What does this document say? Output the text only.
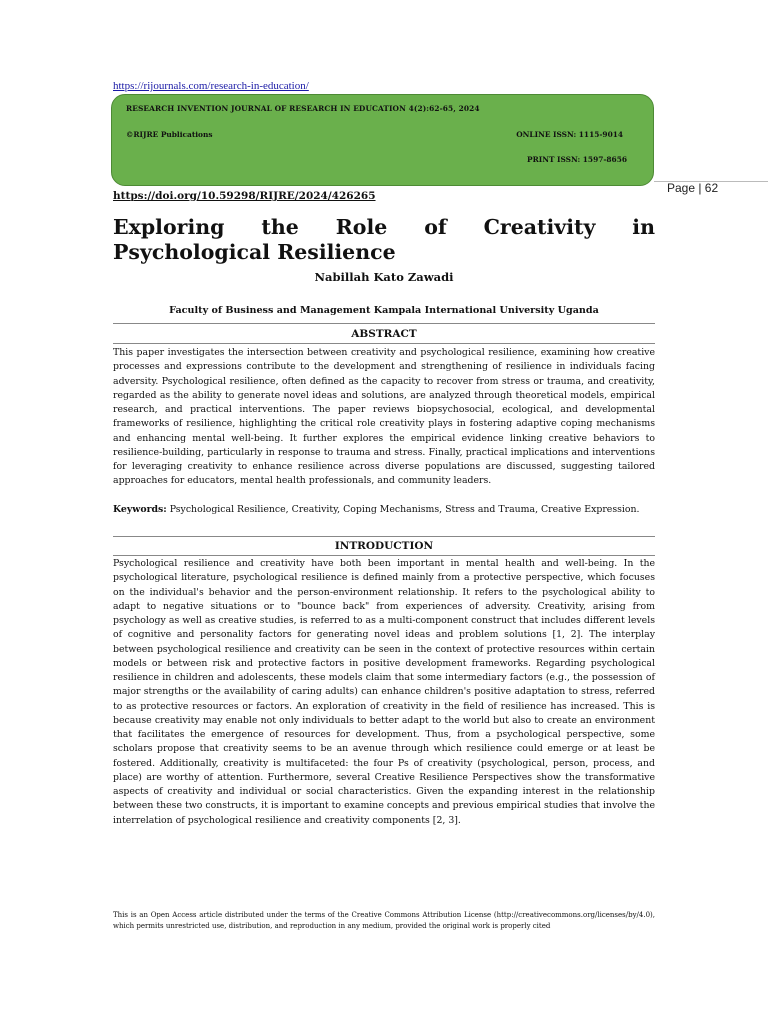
https://rijournals.com/research-in-education/
RESEARCH INVENTION JOURNAL OF RESEARCH IN EDUCATION 4(2):62-65, 2024
©RIJRE Publications	ONLINE ISSN: 1115-9014
PRINT ISSN: 1597-8656
https://doi.org/10.59298/RIJRE/2024/426265
Page | 62
Exploring the Role of Creativity in Psychological Resilience
Nabillah Kato Zawadi
Faculty of Business and Management Kampala International University Uganda
ABSTRACT

This paper investigates the intersection between creativity and psychological resilience, examining how creative processes and expressions contribute to the development and strengthening of resilience in individuals facing adversity. Psychological resilience, often defined as the capacity to recover from stress or trauma, and creativity, regarded as the ability to generate novel ideas and solutions, are analyzed through theoretical models, empirical research, and practical interventions. The paper reviews biopsychosocial, ecological, and developmental frameworks of resilience, highlighting the critical role creativity plays in fostering adaptive coping mechanisms and enhancing mental well-being. It further explores the empirical evidence linking creative behaviors to resilience-building, particularly in response to trauma and stress. Finally, practical implications and interventions for leveraging creativity to enhance resilience across diverse populations are discussed, suggesting tailored approaches for educators, mental health professionals, and community leaders.

Keywords: Psychological Resilience, Creativity, Coping Mechanisms, Stress and Trauma, Creative Expression.

INTRODUCTION

Psychological resilience and creativity have both been important in mental health and well-being. In the psychological literature, psychological resilience is defined mainly from a protective perspective, which focuses on the individual's behavior and the person-environment relationship. It refers to the psychological ability to adapt to negative situations or to "bounce back" from experiences of adversity. Creativity, arising from psychology as well as creative studies, is referred to as a multi-component construct that includes different levels of cognitive and personality factors for generating novel ideas and problem solutions [1, 2]. The interplay between psychological resilience and creativity can be seen in the context of protective resources within certain models or between risk and protective factors in positive development frameworks. Regarding psychological resilience in children and adolescents, these models claim that some intermediary factors (e.g., the possession of major strengths or the availability of caring adults) can enhance children's positive adaptation to stress, referred to as protective resources or factors. An exploration of creativity in the field of resilience has increased. This is because creativity may enable not only individuals to better adapt to the world but also to create an environment that facilitates the emergence of resources for development. Thus, from a psychological perspective, some scholars propose that creativity seems to be an avenue through which resilience could emerge or at least be fostered. Additionally, creativity is multifaceted: the four Ps of creativity (psychological, person, process, and place) are worthy of attention. Furthermore, several Creative Resilience Perspectives show the transformative aspects of creativity and individual or social characteristics. Given the expanding interest in the relationship between these two constructs, it is important to examine concepts and previous empirical studies that involve the interrelation of psychological resilience and creativity components [2, 3].

This is an Open Access article distributed under the terms of the Creative Commons Attribution License (http://creativecommons.org/licenses/by/4.0), which permits unrestricted use, distribution, and reproduction in any medium, provided the original work is properly cited
